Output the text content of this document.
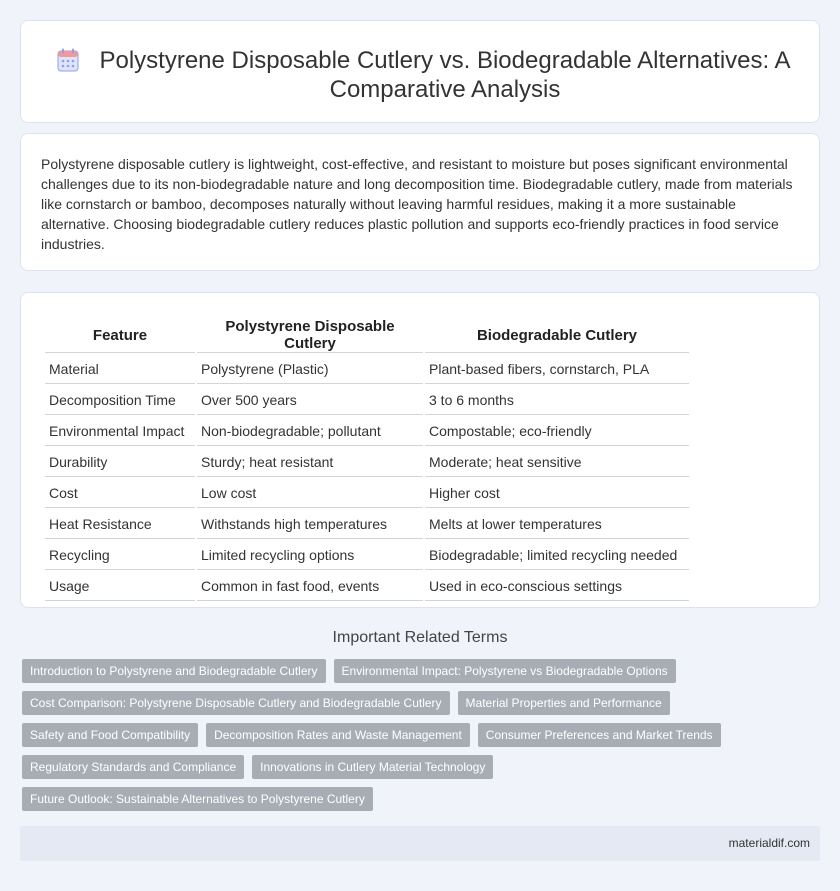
Polystyrene Disposable Cutlery vs. Biodegradable Alternatives: A Comparative Analysis

Polystyrene disposable cutlery is lightweight, cost-effective, and resistant to moisture but poses significant environmental challenges due to its non-biodegradable nature and long decomposition time. Biodegradable cutlery, made from materials like cornstarch or bamboo, decomposes naturally without leaving harmful residues, making it a more sustainable alternative. Choosing biodegradable cutlery reduces plastic pollution and supports eco-friendly practices in food service industries.

Feature	Polystyrene Disposable Cutlery	Biodegradable Cutlery
Material	Polystyrene (Plastic)	Plant-based fibers, cornstarch, PLA
Decomposition Time	Over 500 years	3 to 6 months
Environmental Impact	Non-biodegradable; pollutant	Compostable; eco-friendly
Durability	Sturdy; heat resistant	Moderate; heat sensitive
Cost	Low cost	Higher cost
Heat Resistance	Withstands high temperatures	Melts at lower temperatures
Recycling	Limited recycling options	Biodegradable; limited recycling needed
Usage	Common in fast food, events	Used in eco-conscious settings
Important Related Terms
Introduction to Polystyrene and Biodegradable Cutlery	Environmental Impact: Polystyrene vs Biodegradable Options
Cost Comparison: Polystyrene Disposable Cutlery and Biodegradable Cutlery	Material Properties and Performance
Safety and Food Compatibility	Decomposition Rates and Waste Management	Consumer Preferences and Market Trends
Regulatory Standards and Compliance	Innovations in Cutlery Material Technology
Future Outlook: Sustainable Alternatives to Polystyrene Cutlery
materialdif.com
